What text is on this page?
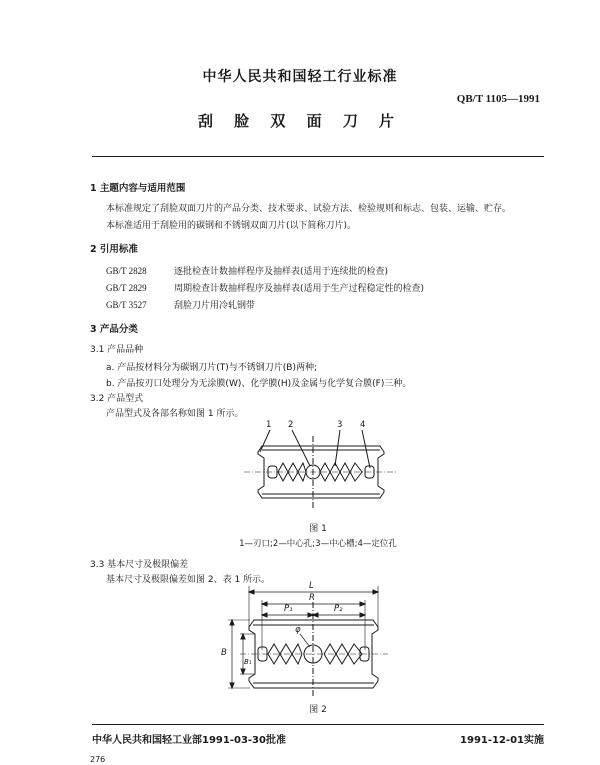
中华人民共和国轻工行业标准
QB/T 1105—1991
刮 脸 双 面 刀 片
1 主题内容与适用范围
本标准规定了刮脸双面刀片的产品分类、技术要求、试验方法、检验规则和标志、包装、运输、贮存。
本标准适用于刮脸用的碳钢和不锈钢双面刀片(以下简称刀片)。
2 引用标准
GB/T 2828	逐批检查计数抽样程序及抽样表(适用于连续批的检查)
GB/T 2829	周期检查计数抽样程序及抽样表(适用于生产过程稳定性的检查)
GB/T 3527	刮脸刀片用冷轧钢带
3 产品分类
3.1 产品品种
a. 产品按材料分为碳钢刀片(T)与不锈钢刀片(B)两种;
b. 产品按刃口处理分为无涂膜(W)、化学膜(H)及金属与化学复合膜(F)三种。
3.2 产品型式
产品型式及各部名称如图 1 所示。
1 2	3 4
图 1
1—刃口;2—中心孔;3—中心槽;4—定位孔
3.3 基本尺寸及极限偏差
基本尺寸及极限偏差如图 2、表 1 所示。
L
R
P₁	P₂
φ
B
B₁
图 2
中华人民共和国轻工业部1991-03-30批准	1991-12-01实施
276
